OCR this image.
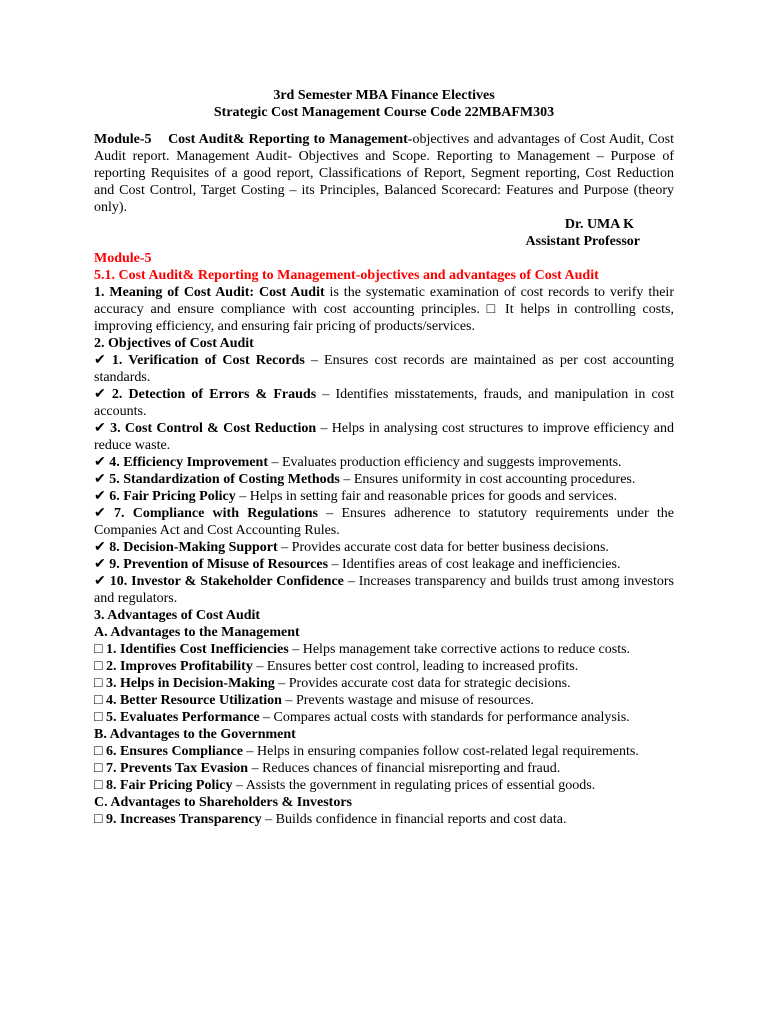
3rd Semester MBA Finance Electives

Strategic Cost Management Course Code 22MBAFM303

Module-5 Cost Audit& Reporting to Management-objectives and advantages of Cost Audit, Cost Audit report. Management Audit- Objectives and Scope. Reporting to Management – Purpose of reporting Requisites of a good report, Classifications of Report, Segment reporting, Cost Reduction and Cost Control, Target Costing – its Principles, Balanced Scorecard: Features and Purpose (theory only).

Dr. UMA K

Assistant Professor

Module-5

5.1. Cost Audit& Reporting to Management-objectives and advantages of Cost Audit

1. Meaning of Cost Audit: Cost Audit is the systematic examination of cost records to verify their accuracy and ensure compliance with cost accounting principles. □ It helps in controlling costs, improving efficiency, and ensuring fair pricing of products/services.

2. Objectives of Cost Audit

✔ 1. Verification of Cost Records – Ensures cost records are maintained as per cost accounting standards.

✔ 2. Detection of Errors & Frauds – Identifies misstatements, frauds, and manipulation in cost accounts.

✔ 3. Cost Control & Cost Reduction – Helps in analysing cost structures to improve efficiency and reduce waste.

✔ 4. Efficiency Improvement – Evaluates production efficiency and suggests improvements.

✔ 5. Standardization of Costing Methods – Ensures uniformity in cost accounting procedures.

✔ 6. Fair Pricing Policy – Helps in setting fair and reasonable prices for goods and services.

✔ 7. Compliance with Regulations – Ensures adherence to statutory requirements under the Companies Act and Cost Accounting Rules.

✔ 8. Decision-Making Support – Provides accurate cost data for better business decisions.

✔ 9. Prevention of Misuse of Resources – Identifies areas of cost leakage and inefficiencies.

✔ 10. Investor & Stakeholder Confidence – Increases transparency and builds trust among investors and regulators.

3. Advantages of Cost Audit

A. Advantages to the Management

□ 1. Identifies Cost Inefficiencies – Helps management take corrective actions to reduce costs.

□ 2. Improves Profitability – Ensures better cost control, leading to increased profits.

□ 3. Helps in Decision-Making – Provides accurate cost data for strategic decisions.

□ 4. Better Resource Utilization – Prevents wastage and misuse of resources.

□ 5. Evaluates Performance – Compares actual costs with standards for performance analysis.

B. Advantages to the Government

□ 6. Ensures Compliance – Helps in ensuring companies follow cost-related legal requirements.

□ 7. Prevents Tax Evasion – Reduces chances of financial misreporting and fraud.

□ 8. Fair Pricing Policy – Assists the government in regulating prices of essential goods.

C. Advantages to Shareholders & Investors

□ 9. Increases Transparency – Builds confidence in financial reports and cost data.
